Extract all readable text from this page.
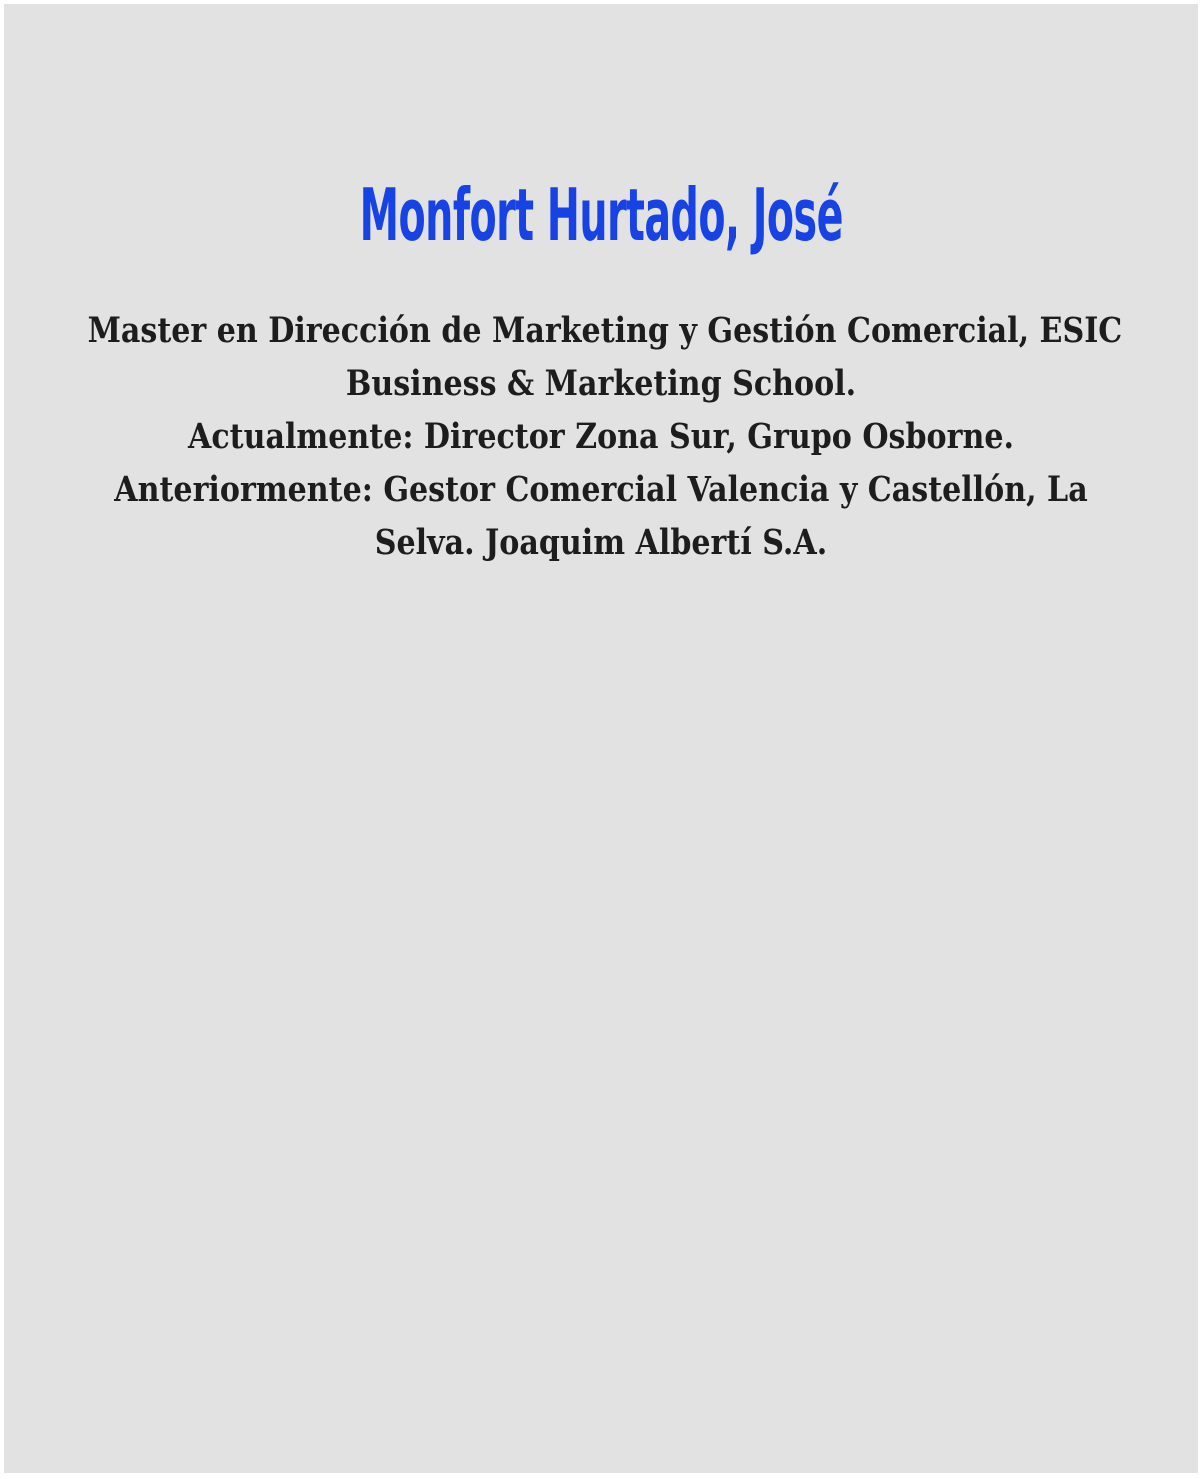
Monfort Hurtado, José
Master en Dirección de Marketing y Gestión Comercial, ESIC
Business & Marketing School.
Actualmente: Director Zona Sur, Grupo Osborne.
Anteriormente: Gestor Comercial Valencia y Castellón, La
Selva. Joaquim Albertí S.A.
